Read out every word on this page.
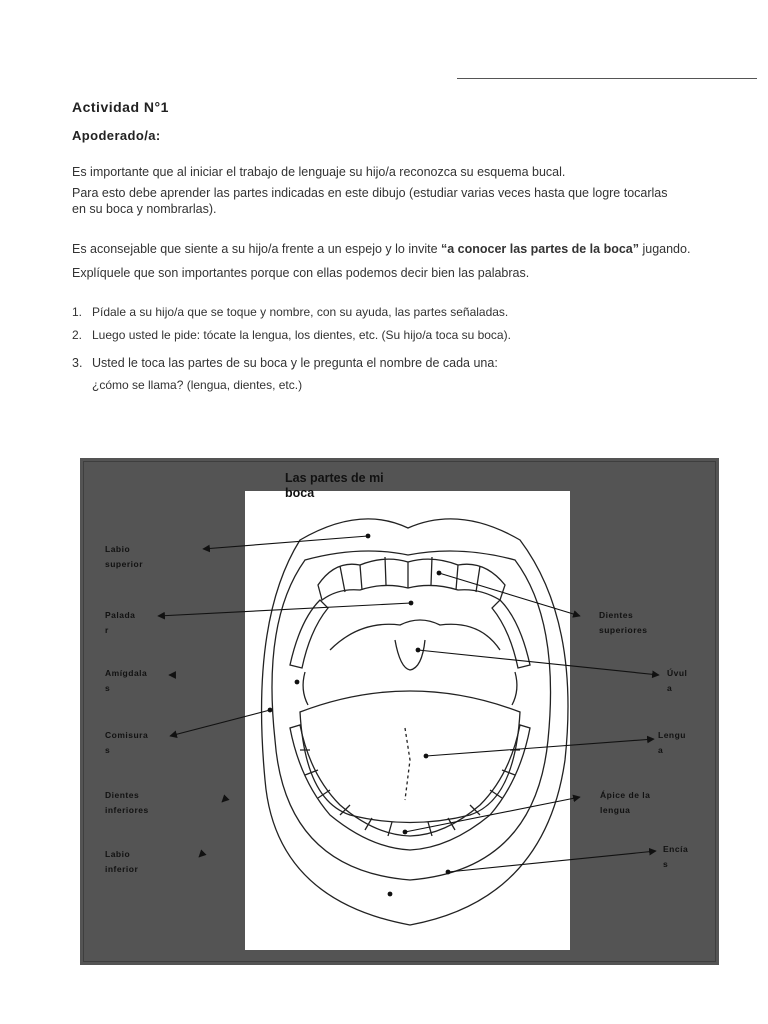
Actividad N°1
Apoderado/a:
Es importante que al iniciar el trabajo de lenguaje su hijo/a reconozca su esquema bucal.
Para esto debe aprender las partes indicadas en este dibujo (estudiar varias veces hasta que logre tocarlas en su boca y nombrarlas).
Es aconsejable que siente a su hijo/a frente a un espejo y lo invite “a conocer las partes de la boca” jugando. Explíquele que son importantes porque con ellas podemos decir bien las palabras.
1. Pídale a su hijo/a que se toque y nombre, con su ayuda, las partes señaladas.
2. Luego usted le pide: tócate la lengua, los dientes, etc. (Su hijo/a toca su boca).
3. Usted le toca las partes de su boca y le pregunta el nombre de cada una:
¿cómo se llama? (lengua, dientes, etc.)
Las partes de mi
boca
Labio
superior
Palada
r
Amígdala
s
Comisura
s
Dientes
inferiores
Labio
inferior
Dientes
superiores
Úvul
a
Lengu
a
Ápice de la
lengua
Encía
s
